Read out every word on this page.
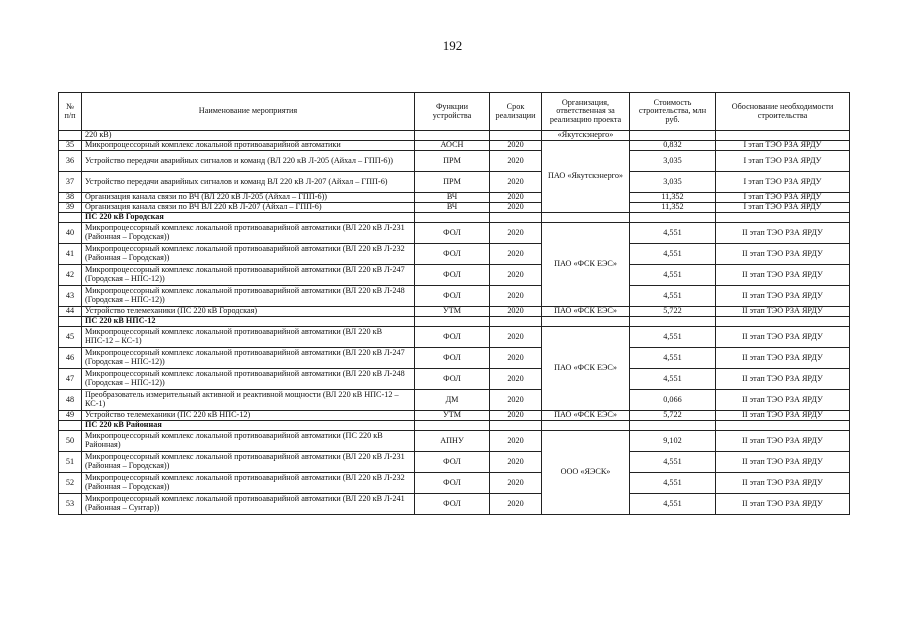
192
№ п/п	Наименование мероприятия	Функции устройства	Срок реализации	Организация, ответственная за реализацию проекта	Стоимость строительства, млн руб.	Обоснование необходимости строительства
	220 кВ)			«Якутскэнерго»		
35	Микропроцессорный комплекс локальной противоаварийной автоматики	АОСН	2020	ПАО «Якутскэнерго»	0,832	I этап ТЭО РЗА ЯРДУ
36	Устройство передачи аварийных сигналов и команд (ВЛ 220 кВ Л-205 (Айхал – ГПП-6))	ПРМ	2020		3,035	I этап ТЭО РЗА ЯРДУ
37	Устройство передачи аварийных сигналов и команд ВЛ 220 кВ Л-207 (Айхал – ГПП-6)	ПРМ	2020		3,035	I этап ТЭО РЗА ЯРДУ
38	Организация канала связи по ВЧ (ВЛ 220 кВ Л-205 (Айхал – ГПП-6))	ВЧ	2020		11,352	I этап ТЭО РЗА ЯРДУ
39	Организация канала связи по ВЧ ВЛ 220 кВ Л-207 (Айхал – ГПП-6)	ВЧ	2020		11,352	I этап ТЭО РЗА ЯРДУ
	ПС 220 кВ Городская					
40	Микропроцессорный комплекс локальной противоаварийной автоматики (ВЛ 220 кВ Л-231 (Районная – Городская))	ФОЛ	2020	ПАО «ФСК ЕЭС»	4,551	II этап ТЭО РЗА ЯРДУ
41	Микропроцессорный комплекс локальной противоаварийной автоматики (ВЛ 220 кВ Л-232 (Районная – Городская))	ФОЛ	2020		4,551	II этап ТЭО РЗА ЯРДУ
42	Микропроцессорный комплекс локальной противоаварийной автоматики (ВЛ 220 кВ Л-247 (Городская – НПС-12))	ФОЛ	2020		4,551	II этап ТЭО РЗА ЯРДУ
43	Микропроцессорный комплекс локальной противоаварийной автоматики (ВЛ 220 кВ Л-248 (Городская – НПС-12))	ФОЛ	2020		4,551	II этап ТЭО РЗА ЯРДУ
44	Устройство телемеханики (ПС 220 кВ Городская)	УТМ	2020	ПАО «ФСК ЕЭС»	5,722	II этап ТЭО РЗА ЯРДУ
	ПС 220 кВ НПС-12					
45	Микропроцессорный комплекс локальной противоаварийной автоматики (ВЛ 220 кВ НПС-12 – КС-1)	ФОЛ	2020	ПАО «ФСК ЕЭС»	4,551	II этап ТЭО РЗА ЯРДУ
46	Микропроцессорный комплекс локальной противоаварийной автоматики (ВЛ 220 кВ Л-247 (Городская – НПС-12))	ФОЛ	2020		4,551	II этап ТЭО РЗА ЯРДУ
47	Микропроцессорный комплекс локальной противоаварийной автоматики (ВЛ 220 кВ Л-248 (Городская – НПС-12))	ФОЛ	2020		4,551	II этап ТЭО РЗА ЯРДУ
48	Преобразователь измерительный активной и реактивной мощности (ВЛ 220 кВ НПС-12 – КС-1)	ДМ	2020		0,066	II этап ТЭО РЗА ЯРДУ
49	Устройство телемеханики (ПС 220 кВ НПС-12)	УТМ	2020	ПАО «ФСК ЕЭС»	5,722	II этап ТЭО РЗА ЯРДУ
	ПС 220 кВ Районная					
50	Микропроцессорный комплекс локальной противоаварийной автоматики (ПС 220 кВ Районная)	АПНУ	2020	ООО «ЯЭСК»	9,102	II этап ТЭО РЗА ЯРДУ
51	Микропроцессорный комплекс локальной противоаварийной автоматики (ВЛ 220 кВ Л-231 (Районная – Городская))	ФОЛ	2020		4,551	II этап ТЭО РЗА ЯРДУ
52	Микропроцессорный комплекс локальной противоаварийной автоматики (ВЛ 220 кВ Л-232 (Районная – Городская))	ФОЛ	2020		4,551	II этап ТЭО РЗА ЯРДУ
53	Микропроцессорный комплекс локальной противоаварийной автоматики (ВЛ 220 кВ Л-241 (Районная – Сунтар))	ФОЛ	2020		4,551	II этап ТЭО РЗА ЯРДУ
